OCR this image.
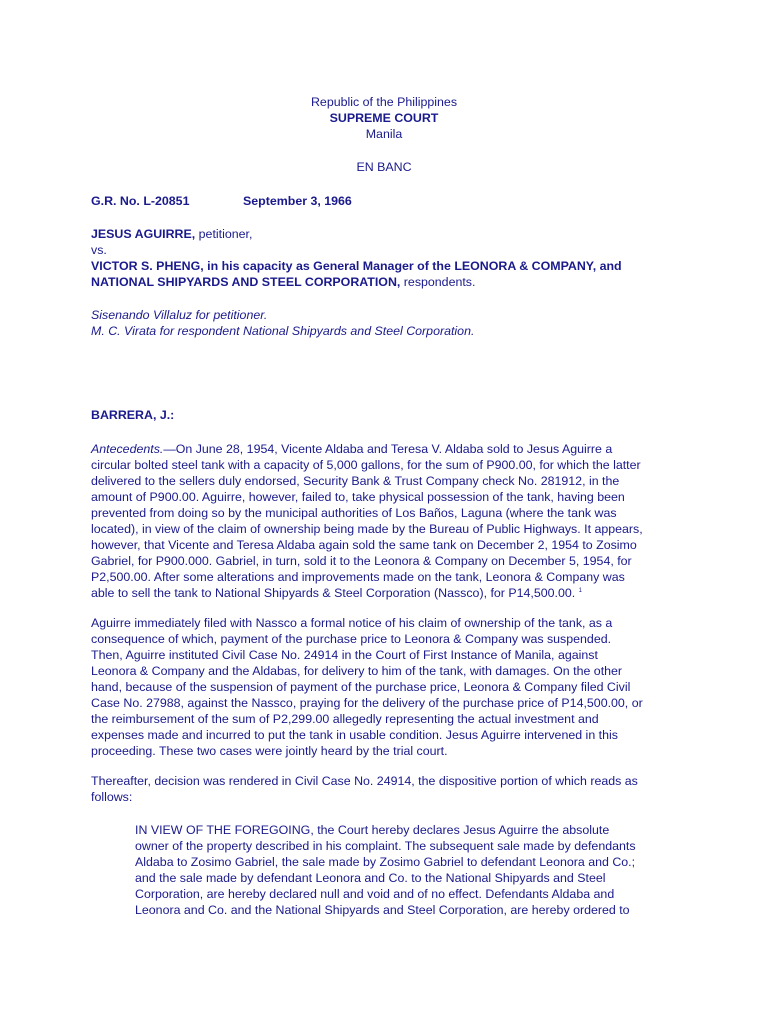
Republic of the Philippines
SUPREME COURT
Manila
EN BANC
G.R. No. L-20851	September 3, 1966
JESUS AGUIRRE, petitioner,
vs.
VICTOR S. PHENG, in his capacity as General Manager of the LEONORA & COMPANY, and
NATIONAL SHIPYARDS AND STEEL CORPORATION, respondents.
Sisenando Villaluz for petitioner.
M. C. Virata for respondent National Shipyards and Steel Corporation.
BARRERA, J.:
Antecedents.—On June 28, 1954, Vicente Aldaba and Teresa V. Aldaba sold to Jesus Aguirre a
circular bolted steel tank with a capacity of 5,000 gallons, for the sum of P900.00, for which the latter
delivered to the sellers duly endorsed, Security Bank & Trust Company check No. 281912, in the
amount of P900.00. Aguirre, however, failed to, take physical possession of the tank, having been
prevented from doing so by the municipal authorities of Los Baños, Laguna (where the tank was
located), in view of the claim of ownership being made by the Bureau of Public Highways. It appears,
however, that Vicente and Teresa Aldaba again sold the same tank on December 2, 1954 to Zosimo
Gabriel, for P900.000. Gabriel, in turn, sold it to the Leonora & Company on December 5, 1954, for
P2,500.00. After some alterations and improvements made on the tank, Leonora & Company was
able to sell the tank to National Shipyards & Steel Corporation (Nassco), for P14,500.00. $^1$
Aguirre immediately filed with Nassco a formal notice of his claim of ownership of the tank, as a
consequence of which, payment of the purchase price to Leonora & Company was suspended.
Then, Aguirre instituted Civil Case No. 24914 in the Court of First Instance of Manila, against
Leonora & Company and the Aldabas, for delivery to him of the tank, with damages. On the other
hand, because of the suspension of payment of the purchase price, Leonora & Company filed Civil
Case No. 27988, against the Nassco, praying for the delivery of the purchase price of P14,500.00, or
the reimbursement of the sum of P2,299.00 allegedly representing the actual investment and
expenses made and incurred to put the tank in usable condition. Jesus Aguirre intervened in this
proceeding. These two cases were jointly heard by the trial court.
Thereafter, decision was rendered in Civil Case No. 24914, the dispositive portion of which reads as
follows:
IN VIEW OF THE FOREGOING, the Court hereby declares Jesus Aguirre the absolute
owner of the property described in his complaint. The subsequent sale made by defendants
Aldaba to Zosimo Gabriel, the sale made by Zosimo Gabriel to defendant Leonora and Co.;
and the sale made by defendant Leonora and Co. to the National Shipyards and Steel
Corporation, are hereby declared null and void and of no effect. Defendants Aldaba and
Leonora and Co. and the National Shipyards and Steel Corporation, are hereby ordered to
